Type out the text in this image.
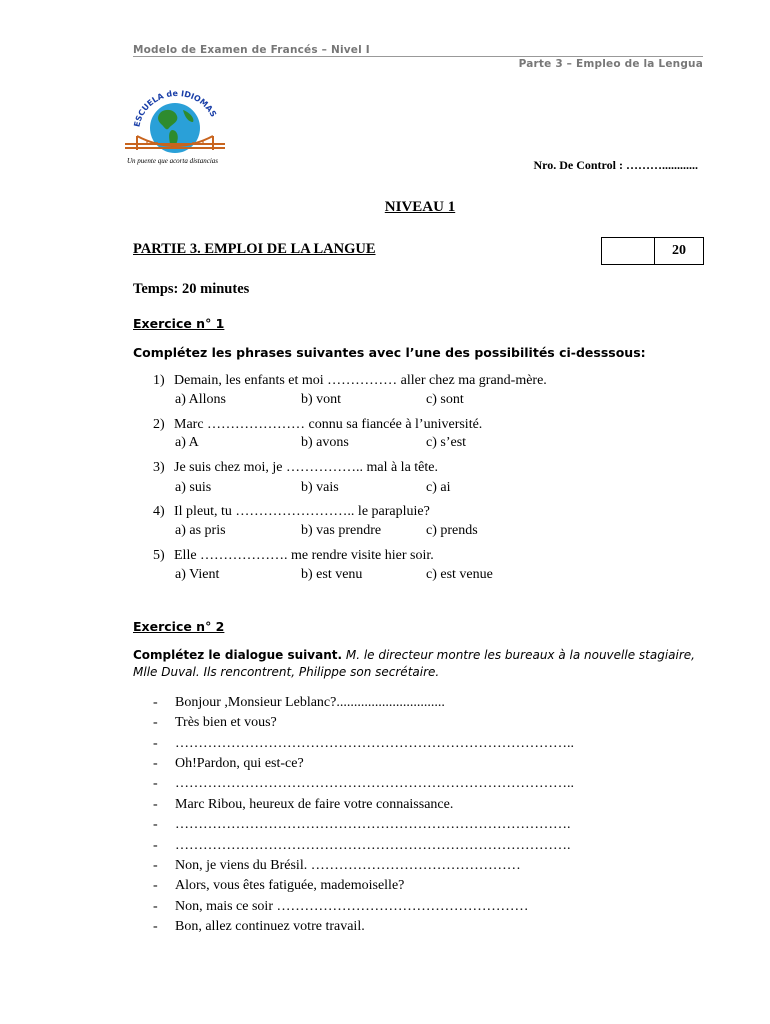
Modelo de Examen de Francés – Nivel I
Parte 3 – Empleo de la Lengua
ESCUELA de IDIOMAS
Un puente que acorta distancias	Nro. De Control : ………............
NIVEAU 1
PARTIE 3. EMPLOI DE LA LANGUE	20
Temps: 20 minutes
Exercice n° 1
Complétez les phrases suivantes avec l’une des possibilités ci-desssous:
1) Demain, les enfants et moi …………… aller chez ma grand-mère.
a) Allons	b) vont	c) sont
2) Marc ………………… connu sa fiancée à l’université.
a) A	b) avons	c) s’est
3) Je suis chez moi, je …………….. mal à la tête.
a) suis	b) vais	c) ai
4) Il pleut, tu …………………….. le parapluie?
a) as pris	b) vas prendre	c) prends
5) Elle ………………. me rendre visite hier soir.
a) Vient	b) est venu	c) est venue
Exercice n° 2
Complétez le dialogue suivant. M. le directeur montre les bureaux à la nouvelle stagiaire, Mlle Duval. Ils rencontrent, Philippe son secrétaire.
- Bonjour ,Monsieur Leblanc?...............................
- Très bien et vous?
- …………………………………………………………………………..
- Oh!Pardon, qui est-ce?
- …………………………………………………………………………..
- Marc Ribou, heureux de faire votre connaissance.
- ………………………………………………………………………….
- ………………………………………………………………………….
- Non, je viens du Brésil. ………………………………………
- Alors, vous êtes fatiguée, mademoiselle?
- Non, mais ce soir ………………………………………………
- Bon, allez continuez votre travail.
